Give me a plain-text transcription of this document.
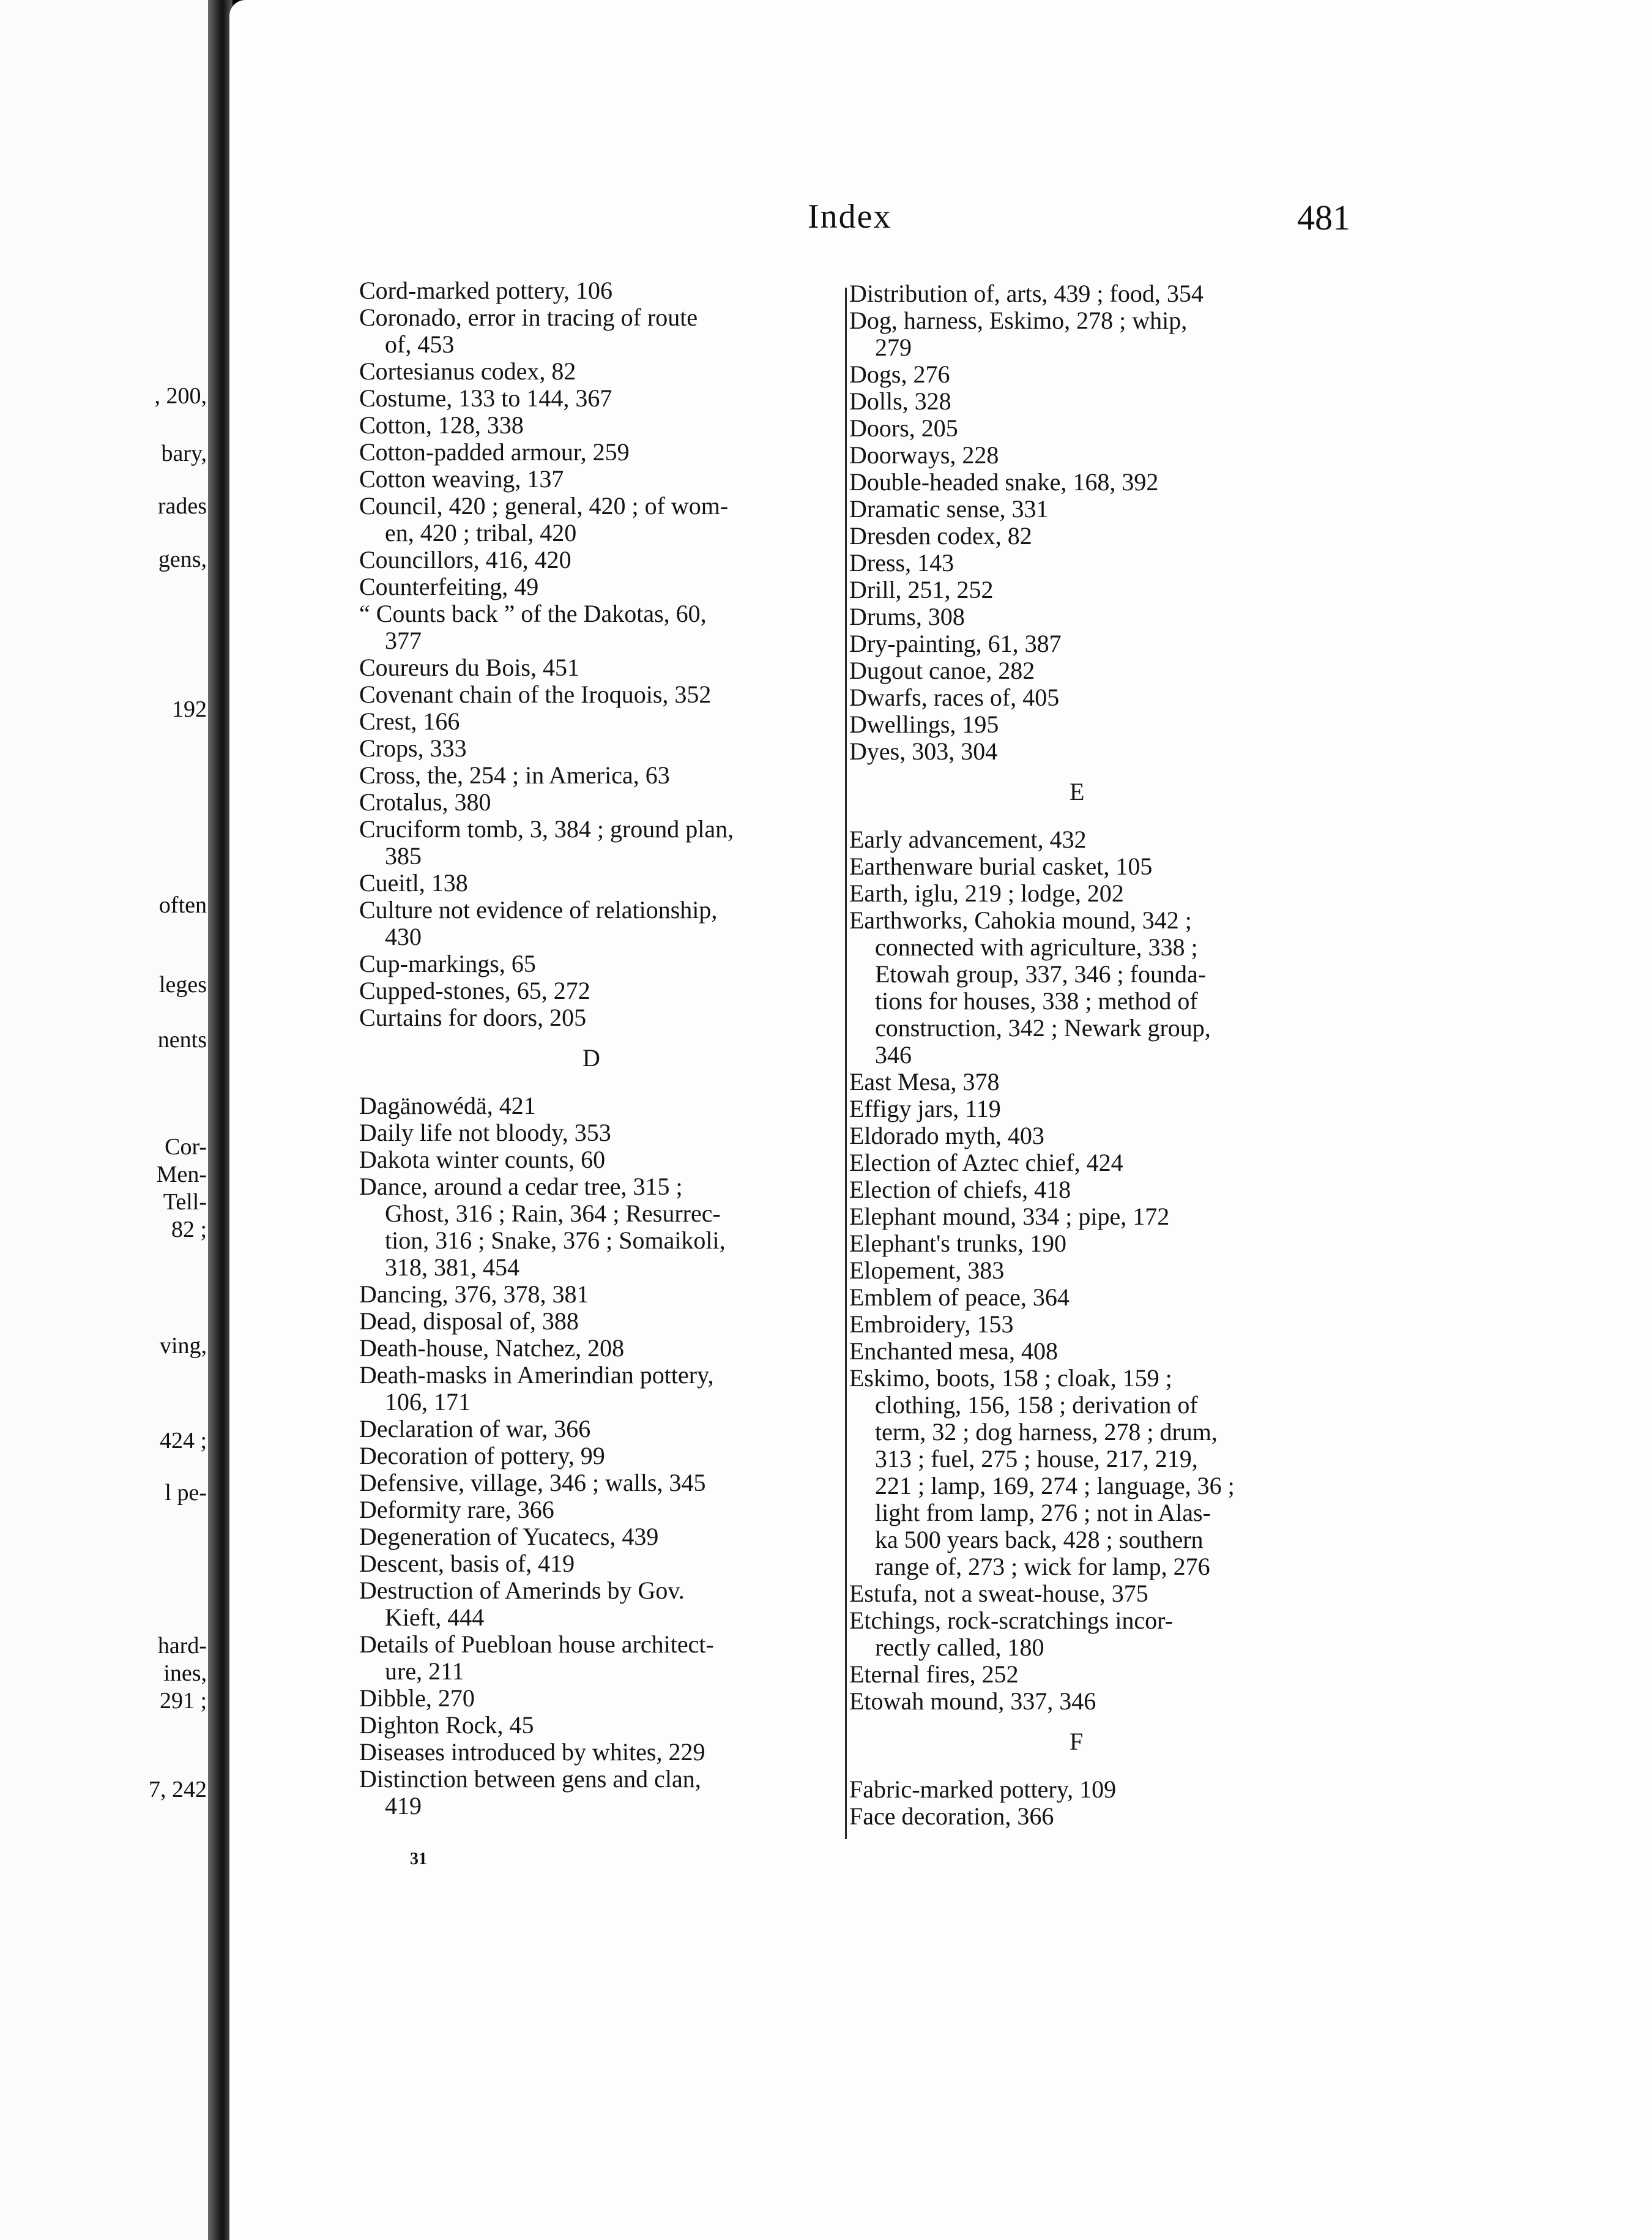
, 200,
bary,
rades
gens,
192
often
leges
nents
Cor-
Men-
Tell-
82 ;
ving,
424 ;
l pe-
hard-
ines,
291 ;
7, 242
Index	481
Cord-marked pottery, 106
Coronado, error in tracing of route
of, 453
Cortesianus codex, 82
Costume, 133 to 144, 367
Cotton, 128, 338
Cotton-padded armour, 259
Cotton weaving, 137
Council, 420 ; general, 420 ; of wom-
en, 420 ; tribal, 420
Councillors, 416, 420
Counterfeiting, 49
“ Counts back ” of the Dakotas, 60,
377
Coureurs du Bois, 451
Covenant chain of the Iroquois, 352
Crest, 166
Crops, 333
Cross, the, 254 ; in America, 63
Crotalus, 380
Cruciform tomb, 3, 384 ; ground plan,
385
Cueitl, 138
Culture not evidence of relationship,
430
Cup-markings, 65
Cupped-stones, 65, 272
Curtains for doors, 205
D
Dagänowédä, 421
Daily life not bloody, 353
Dakota winter counts, 60
Dance, around a cedar tree, 315 ;
Ghost, 316 ; Rain, 364 ; Resurrec-
tion, 316 ; Snake, 376 ; Somaikoli,
318, 381, 454
Dancing, 376, 378, 381
Dead, disposal of, 388
Death-house, Natchez, 208
Death-masks in Amerindian pottery,
106, 171
Declaration of war, 366
Decoration of pottery, 99
Defensive, village, 346 ; walls, 345
Deformity rare, 366
Degeneration of Yucatecs, 439
Descent, basis of, 419
Destruction of Amerinds by Gov.
Kieft, 444
Details of Puebloan house architect-
ure, 211
Dibble, 270
Dighton Rock, 45
Diseases introduced by whites, 229
Distinction between gens and clan,
419
Distribution of, arts, 439 ; food, 354
Dog, harness, Eskimo, 278 ; whip,
279
Dogs, 276
Dolls, 328
Doors, 205
Doorways, 228
Double-headed snake, 168, 392
Dramatic sense, 331
Dresden codex, 82
Dress, 143
Drill, 251, 252
Drums, 308
Dry-painting, 61, 387
Dugout canoe, 282
Dwarfs, races of, 405
Dwellings, 195
Dyes, 303, 304
E
Early advancement, 432
Earthenware burial casket, 105
Earth, iglu, 219 ; lodge, 202
Earthworks, Cahokia mound, 342 ;
connected with agriculture, 338 ;
Etowah group, 337, 346 ; founda-
tions for houses, 338 ; method of
construction, 342 ; Newark group,
346
East Mesa, 378
Effigy jars, 119
Eldorado myth, 403
Election of Aztec chief, 424
Election of chiefs, 418
Elephant mound, 334 ; pipe, 172
Elephant's trunks, 190
Elopement, 383
Emblem of peace, 364
Embroidery, 153
Enchanted mesa, 408
Eskimo, boots, 158 ; cloak, 159 ;
clothing, 156, 158 ; derivation of
term, 32 ; dog harness, 278 ; drum,
313 ; fuel, 275 ; house, 217, 219,
221 ; lamp, 169, 274 ; language, 36 ;
light from lamp, 276 ; not in Alas-
ka 500 years back, 428 ; southern
range of, 273 ; wick for lamp, 276
Estufa, not a sweat-house, 375
Etchings, rock-scratchings incor-
rectly called, 180
Eternal fires, 252
Etowah mound, 337, 346
F
Fabric-marked pottery, 109
Face decoration, 366
31
